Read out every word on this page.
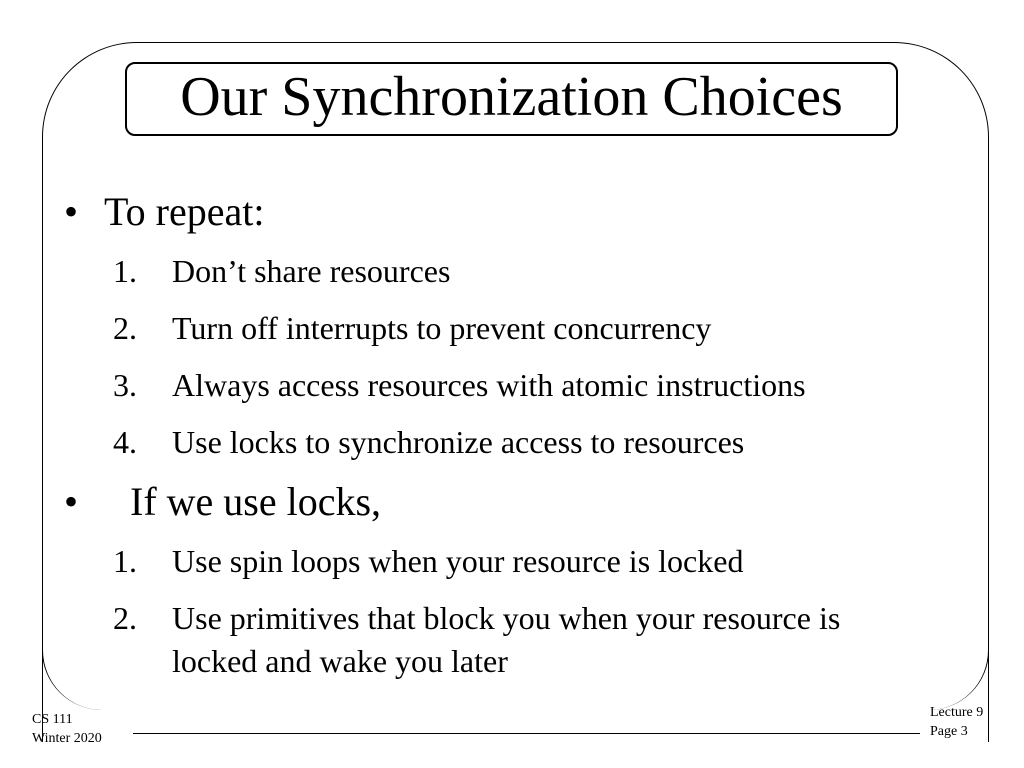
Our Synchronization Choices
• To repeat:
1.	Don’t share resources
2.	Turn off interrupts to prevent concurrency
3.	Always access resources with atomic instructions
4.	Use locks to synchronize access to resources
•	If we use locks,
1.	Use spin loops when your resource is locked
2.	Use primitives that block you when your resource is locked and wake you later
CS 111
Winter 2020
Lecture 9
Page 3
